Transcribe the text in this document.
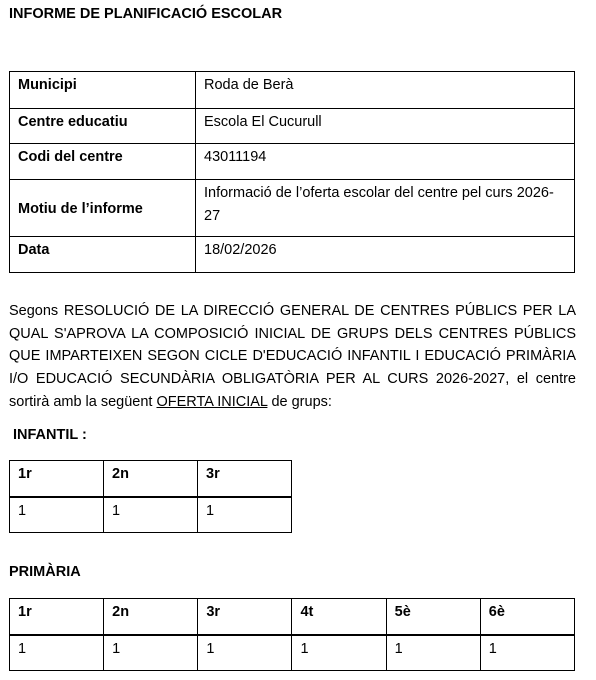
INFORME DE PLANIFICACIÓ ESCOLAR
Municipi	Roda de Berà
Centre educatiu	Escola El Cucurull
Codi del centre	43011194
Motiu de l’informe	Informació de l’oferta escolar del centre pel curs 2026-27
Data	18/02/2026
Segons RESOLUCIÓ DE LA DIRECCIÓ GENERAL DE CENTRES PÚBLICS PER LA QUAL S'APROVA LA COMPOSICIÓ INICIAL DE GRUPS DELS CENTRES PÚBLICS QUE IMPARTEIXEN SEGON CICLE D'EDUCACIÓ INFANTIL I EDUCACIÓ PRIMÀRIA I/O EDUCACIÓ SECUNDÀRIA OBLIGATÒRIA PER AL CURS 2026-2027, el centre sortirà amb la següent OFERTA INICIAL de grups:
INFANTIL :
1r	2n	3r
1	1	1
PRIMÀRIA
1r	2n	3r	4t	5è	6è
1	1	1	1	1	1
